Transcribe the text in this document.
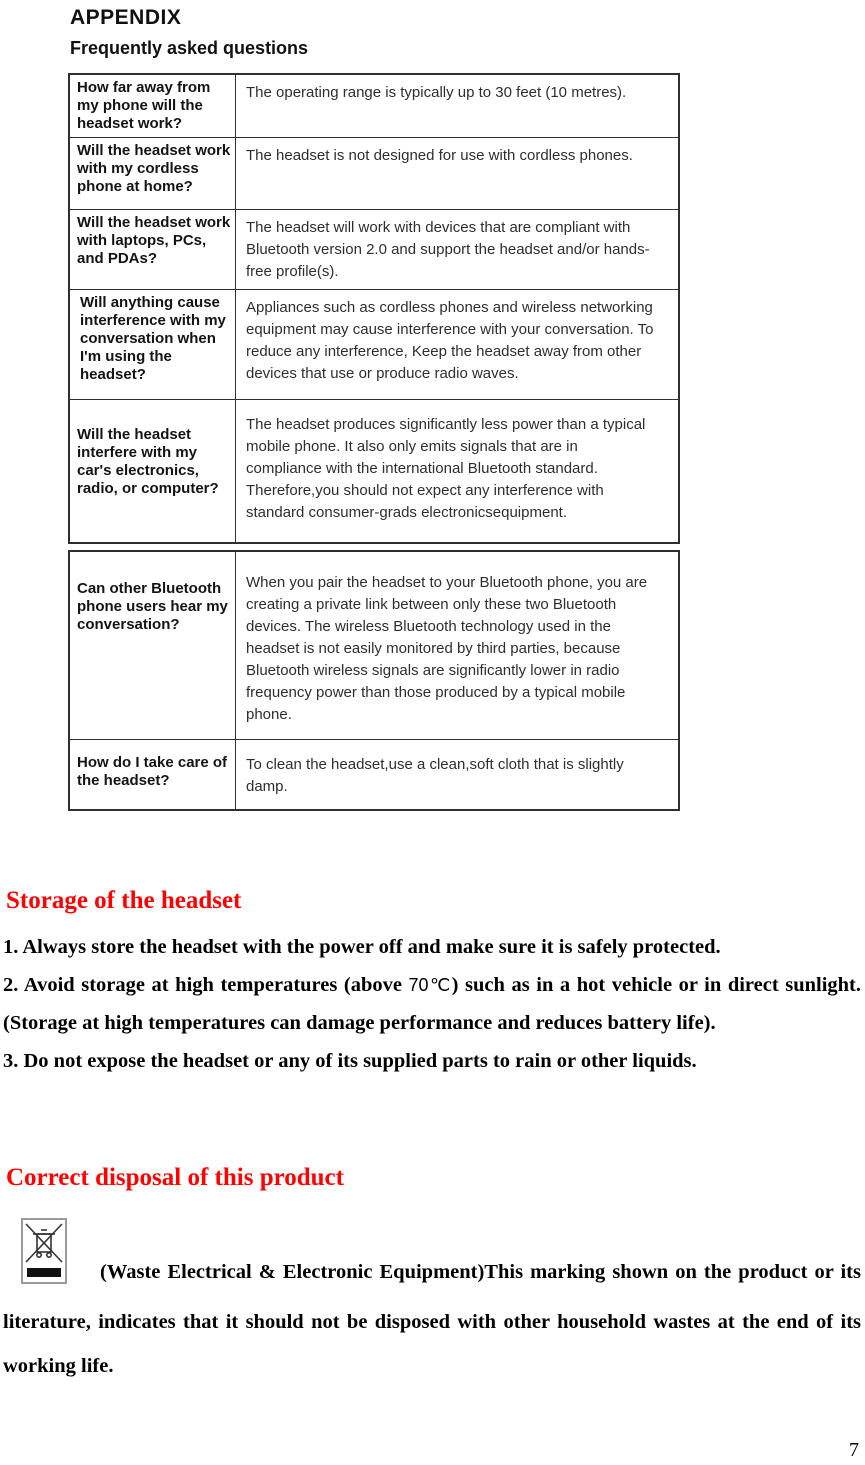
APPENDIX
Frequently asked questions
How far away from my phone will the headset work?
The operating range is typically up to 30 feet (10 metres).
Will the headset work with my cordless phone at home?
The headset is not designed for use with cordless phones.
Will the headset work with laptops, PCs, and PDAs?
The headset will work with devices that are compliant with Bluetooth version 2.0 and support the headset and/or hands-free profile(s).
Will anything cause interference with my conversation when I'm using the headset?
Appliances such as cordless phones and wireless networking equipment may cause interference with your conversation. To reduce any interference, Keep the headset away from other devices that use or produce radio waves.
Will the headset interfere with my car's electronics, radio, or computer?
The headset produces significantly less power than a typical mobile phone. It also only emits signals that are in compliance with the international Bluetooth standard. Therefore,you should not expect any interference with standard consumer-grads electronicsequipment.
Can other Bluetooth phone users hear my conversation?
When you pair the headset to your Bluetooth phone, you are creating a private link between only these two Bluetooth devices. The wireless Bluetooth technology used in the headset is not easily monitored by third parties, because Bluetooth wireless signals are significantly lower in radio frequency power than those produced by a typical mobile phone.
How do I take care of the headset?
To clean the headset,use a clean,soft cloth that is slightly damp.
Storage of the headset

1. Always store the headset with the power off and make sure it is safely protected.

2. Avoid storage at high temperatures (above 70℃) such as in a hot vehicle or in direct sunlight. (Storage at high temperatures can damage performance and reduces battery life).

3. Do not expose the headset or any of its supplied parts to rain or other liquids.

Correct disposal of this product

(Waste Electrical & Electronic Equipment)This marking shown on the product or its literature, indicates that it should not be disposed with other household wastes at the end of its working life.

7
